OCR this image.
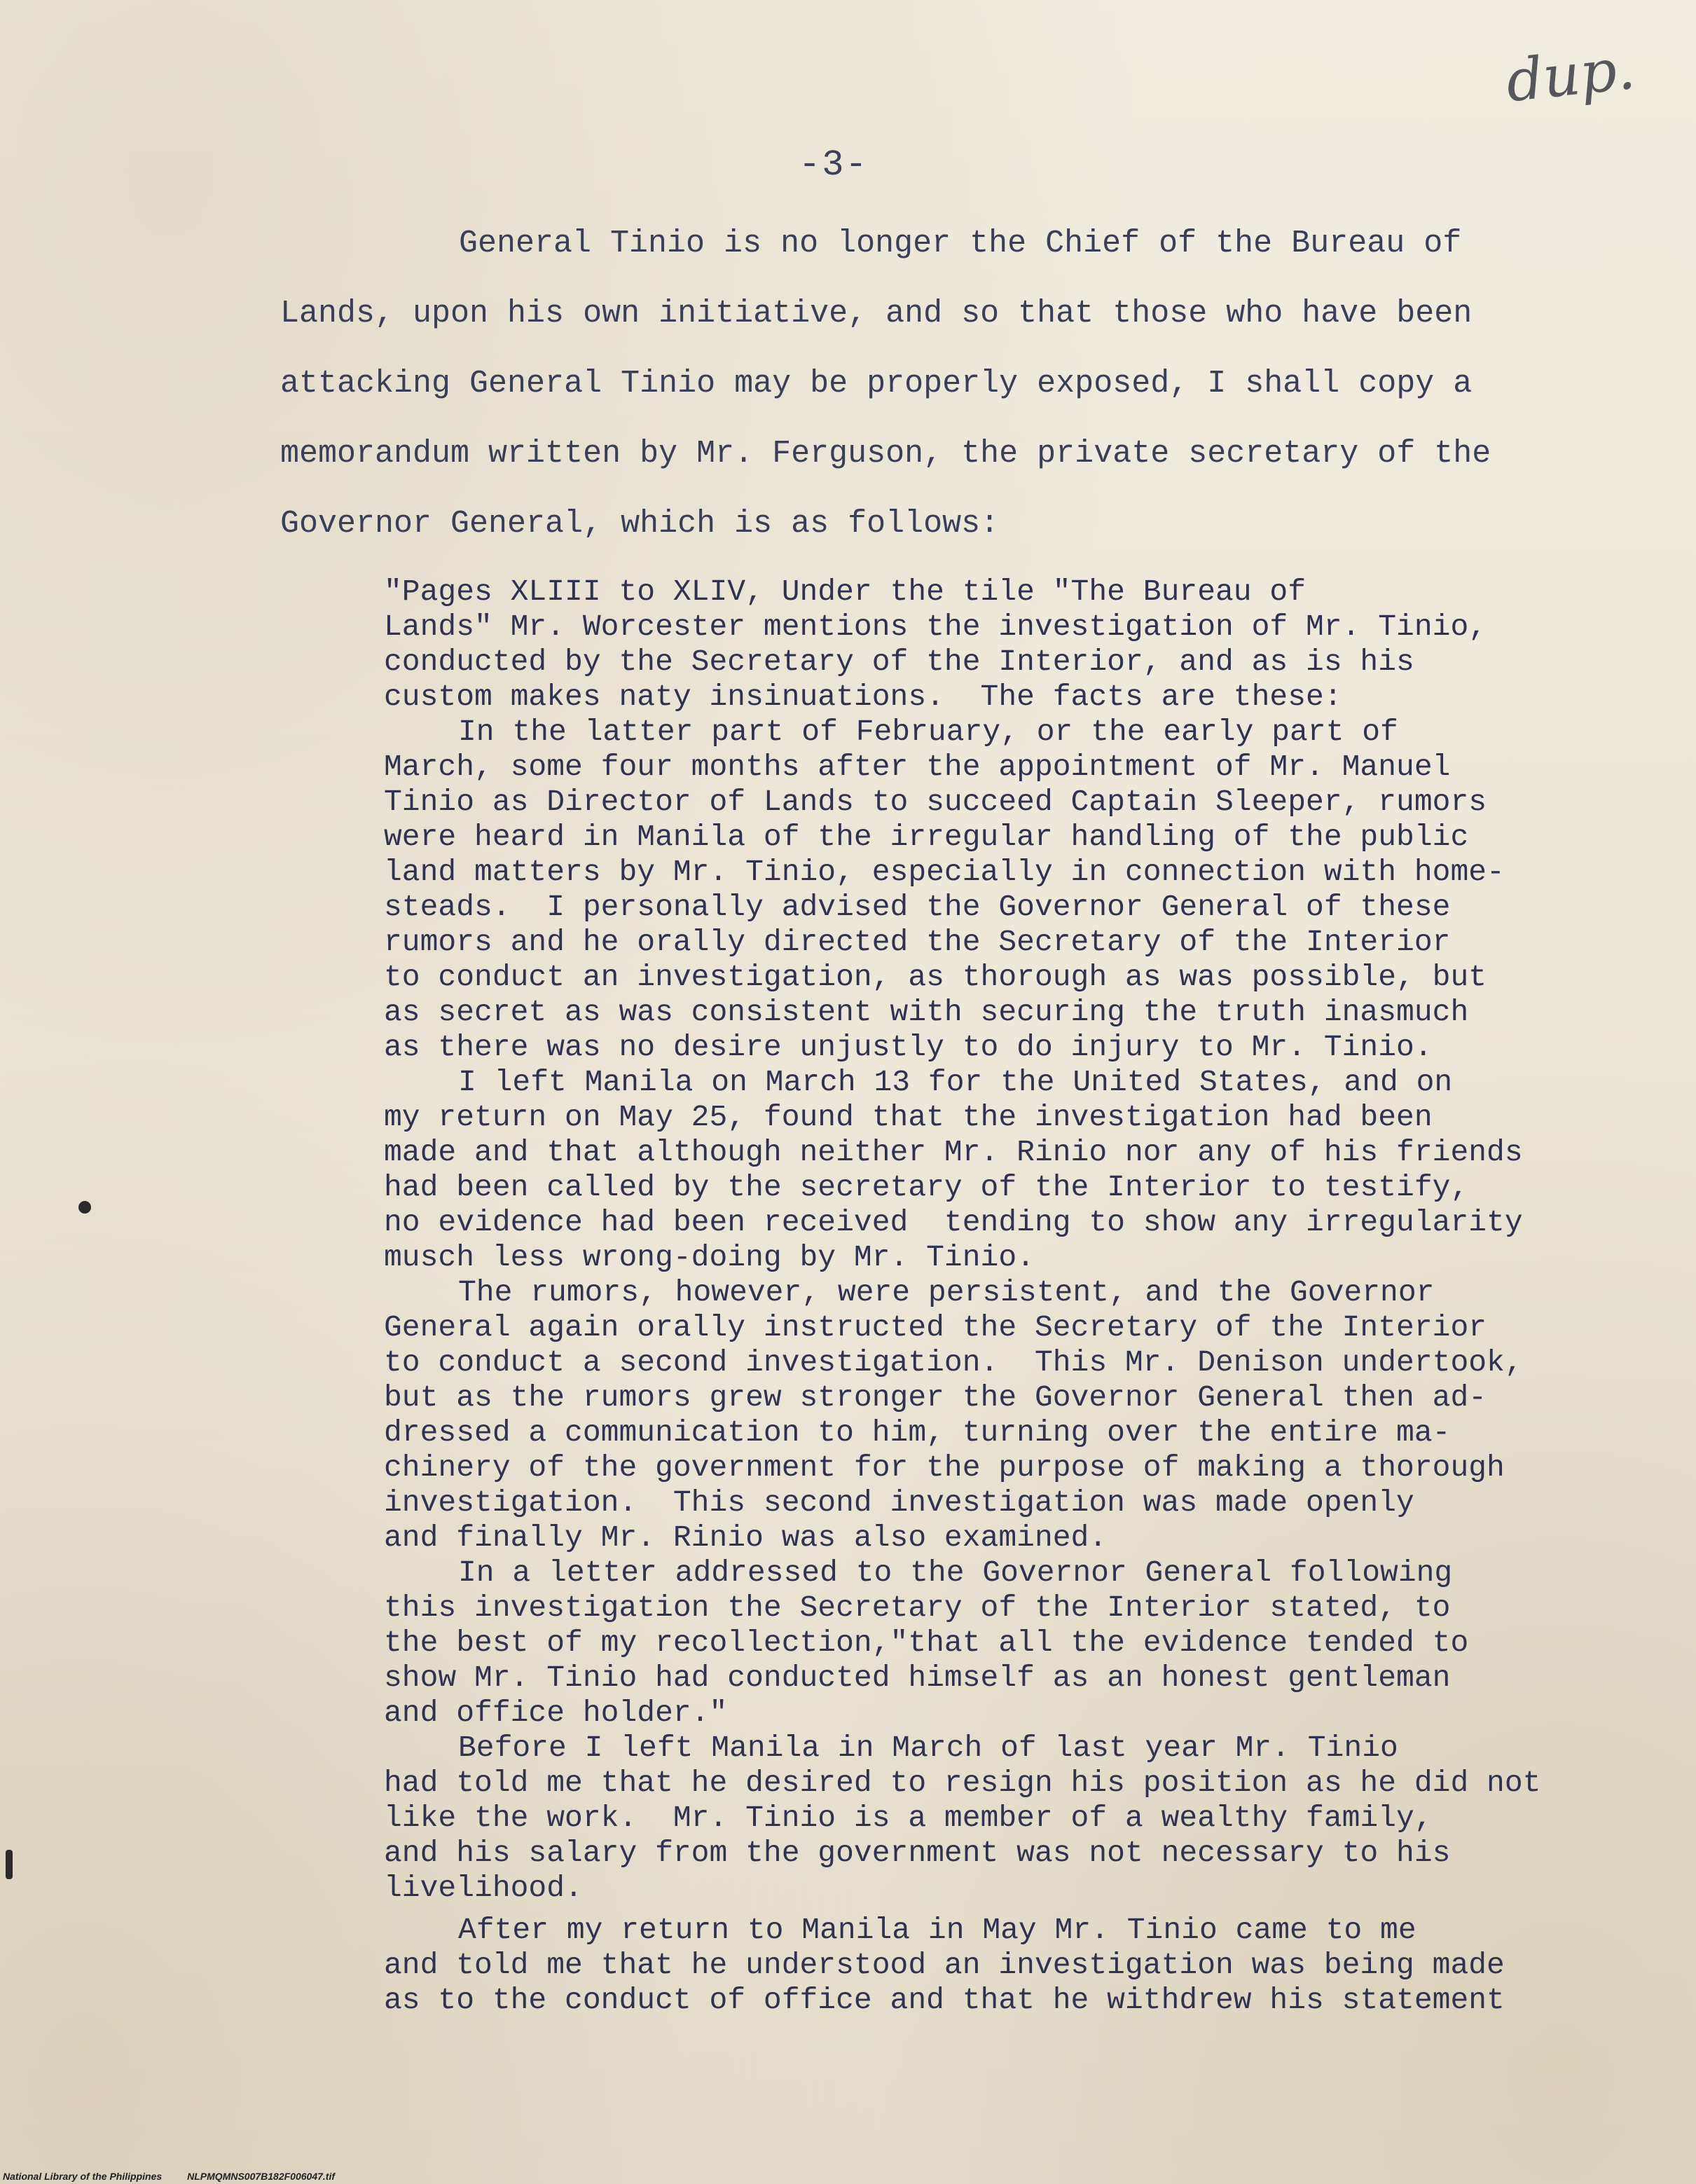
dup.
-3-
General Tinio is no longer the Chief of the Bureau of
Lands, upon his own initiative, and so that those who have been
attacking General Tinio may be properly exposed, I shall copy a
memorandum written by Mr. Ferguson, the private secretary of the
Governor General, which is as follows:
"Pages XLIII to XLIV, Under the tile "The Bureau of
Lands" Mr. Worcester mentions the investigation of Mr. Tinio,
conducted by the Secretary of the Interior, and as is his
custom makes naty insinuations.  The facts are these:
In the latter part of February, or the early part of
March, some four months after the appointment of Mr. Manuel
Tinio as Director of Lands to succeed Captain Sleeper, rumors
were heard in Manila of the irregular handling of the public
land matters by Mr. Tinio, especially in connection with home-
steads.  I personally advised the Governor General of these
rumors and he orally directed the Secretary of the Interior
to conduct an investigation, as thorough as was possible, but
as secret as was consistent with securing the truth inasmuch
as there was no desire unjustly to do injury to Mr. Tinio.
I left Manila on March 13 for the United States, and on
my return on May 25, found that the investigation had been
made and that although neither Mr. Rinio nor any of his friends
had been called by the secretary of the Interior to testify,
no evidence had been received  tending to show any irregularity
musch less wrong-doing by Mr. Tinio.
The rumors, however, were persistent, and the Governor
General again orally instructed the Secretary of the Interior
to conduct a second investigation.  This Mr. Denison undertook,
but as the rumors grew stronger the Governor General then ad-
dressed a communication to him, turning over the entire ma-
chinery of the government for the purpose of making a thorough
investigation.  This second investigation was made openly
and finally Mr. Rinio was also examined.
In a letter addressed to the Governor General following
this investigation the Secretary of the Interior stated, to
the best of my recollection,"that all the evidence tended to
show Mr. Tinio had conducted himself as an honest gentleman
and office holder."
Before I left Manila in March of last year Mr. Tinio
had told me that he desired to resign his position as he did not
like the work.  Mr. Tinio is a member of a wealthy family,
and his salary from the government was not necessary to his
livelihood.
After my return to Manila in May Mr. Tinio came to me
and told me that he understood an investigation was being made
as to the conduct of office and that he withdrew his statement
National Library of the Philippines	NLPMQMNS007B182F006047.tif
